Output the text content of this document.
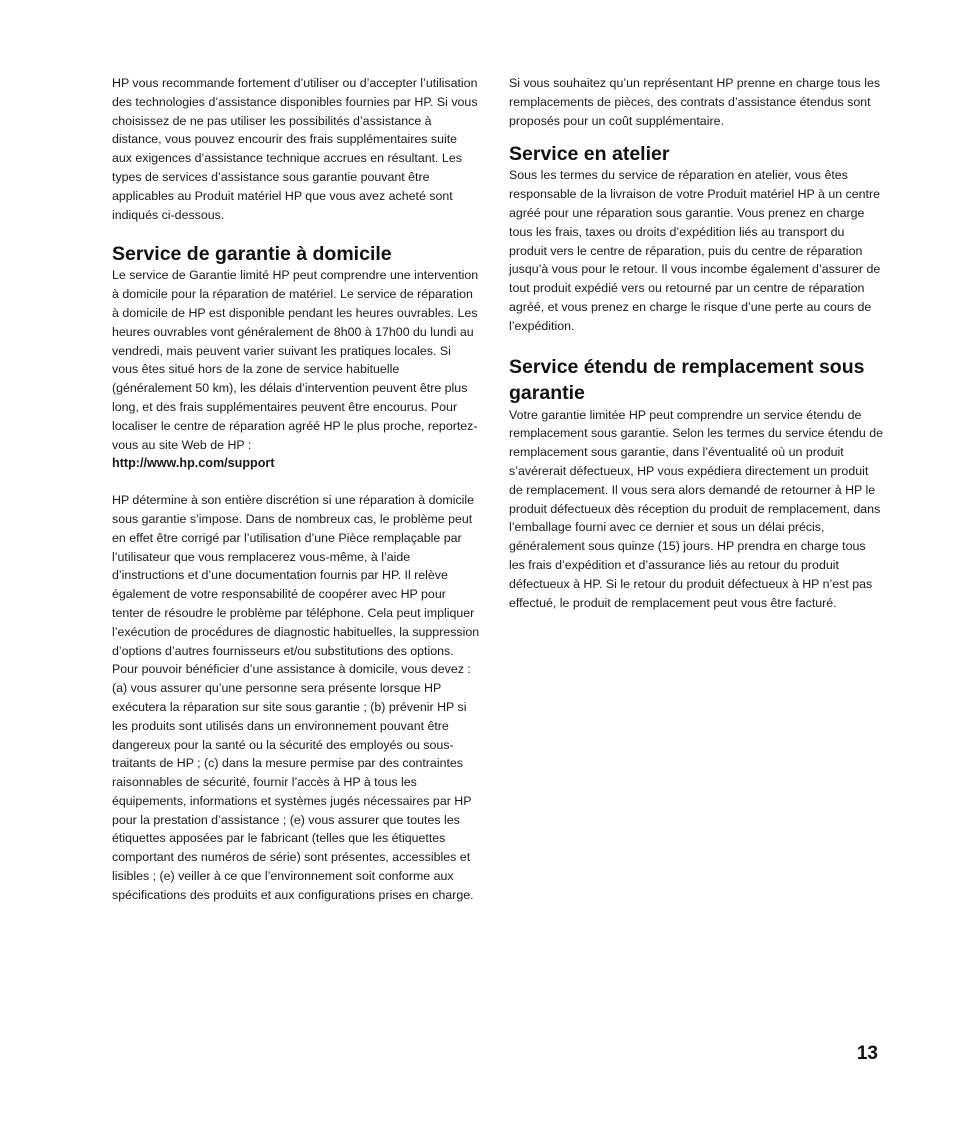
HP vous recommande fortement d’utiliser ou d’accepter l’utilisation des technologies d’assistance disponibles fournies par HP. Si vous choisissez de ne pas utiliser les possibilités d’assistance à distance, vous pouvez encourir des frais supplémentaires suite aux exigences d’assistance technique accrues en résultant. Les types de services d’assistance sous garantie pouvant être applicables au Produit matériel HP que vous avez acheté sont indiqués ci-dessous.

Service de garantie à domicile

Le service de Garantie limité HP peut comprendre une intervention à domicile pour la réparation de matériel. Le service de réparation à domicile de HP est disponible pendant les heures ouvrables. Les heures ouvrables vont généralement de 8h00 à 17h00 du lundi au vendredi, mais peuvent varier suivant les pratiques locales. Si vous êtes situé hors de la zone de service habituelle (généralement 50 km), les délais d’intervention peuvent être plus long, et des frais supplémentaires peuvent être encourus. Pour localiser le centre de réparation agréé HP le plus proche, reportez-vous au site Web de HP :

http://www.hp.com/support

HP détermine à son entière discrétion si une réparation à domicile sous garantie s’impose. Dans de nombreux cas, le problème peut en effet être corrigé par l’utilisation d’une Pièce remplaçable par l’utilisateur que vous remplacerez vous-même, à l’aide d’instructions et d’une documentation fournis par HP. Il relève également de votre responsabilité de coopérer avec HP pour tenter de résoudre le problème par téléphone. Cela peut impliquer l’exécution de procédures de diagnostic habituelles, la suppression d’options d’autres fournisseurs et/ou substitutions des options. Pour pouvoir bénéficier d’une assistance à domicile, vous devez : (a) vous assurer qu’une personne sera présente lorsque HP exécutera la réparation sur site sous garantie ; (b) prévenir HP si les produits sont utilisés dans un environnement pouvant être dangereux pour la santé ou la sécurité des employés ou sous-traitants de HP ; (c) dans la mesure permise par des contraintes raisonnables de sécurité, fournir l’accès à HP à tous les équipements, informations et systèmes jugés nécessaires par HP pour la prestation d’assistance ; (e) vous assurer que toutes les étiquettes apposées par le fabricant (telles que les étiquettes comportant des numéros de série) sont présentes, accessibles et lisibles ; (e) veiller à ce que l’environnement soit conforme aux spécifications des produits et aux configurations prises en charge.

Si vous souhaitez qu’un représentant HP prenne en charge tous les remplacements de pièces, des contrats d’assistance étendus sont proposés pour un coût supplémentaire.

Service en atelier

Sous les termes du service de réparation en atelier, vous êtes responsable de la livraison de votre Produit matériel HP à un centre agréé pour une réparation sous garantie. Vous prenez en charge tous les frais, taxes ou droits d’expédition liés au transport du produit vers le centre de réparation, puis du centre de réparation jusqu’à vous pour le retour. Il vous incombe également d’assurer de tout produit expédié vers ou retourné par un centre de réparation agréé, et vous prenez en charge le risque d’une perte au cours de l’expédition.

Service étendu de remplacement sous garantie

Votre garantie limitée HP peut comprendre un service étendu de remplacement sous garantie. Selon les termes du service étendu de remplacement sous garantie, dans l’éventualité où un produit s’avérerait défectueux, HP vous expédiera directement un produit de remplacement. Il vous sera alors demandé de retourner à HP le produit défectueux dès réception du produit de remplacement, dans l’emballage fourni avec ce dernier et sous un délai précis, généralement sous quinze (15) jours. HP prendra en charge tous les frais d’expédition et d’assurance liés au retour du produit défectueux à HP. Si le retour du produit défectueux à HP n’est pas effectué, le produit de remplacement peut vous être facturé.

13
